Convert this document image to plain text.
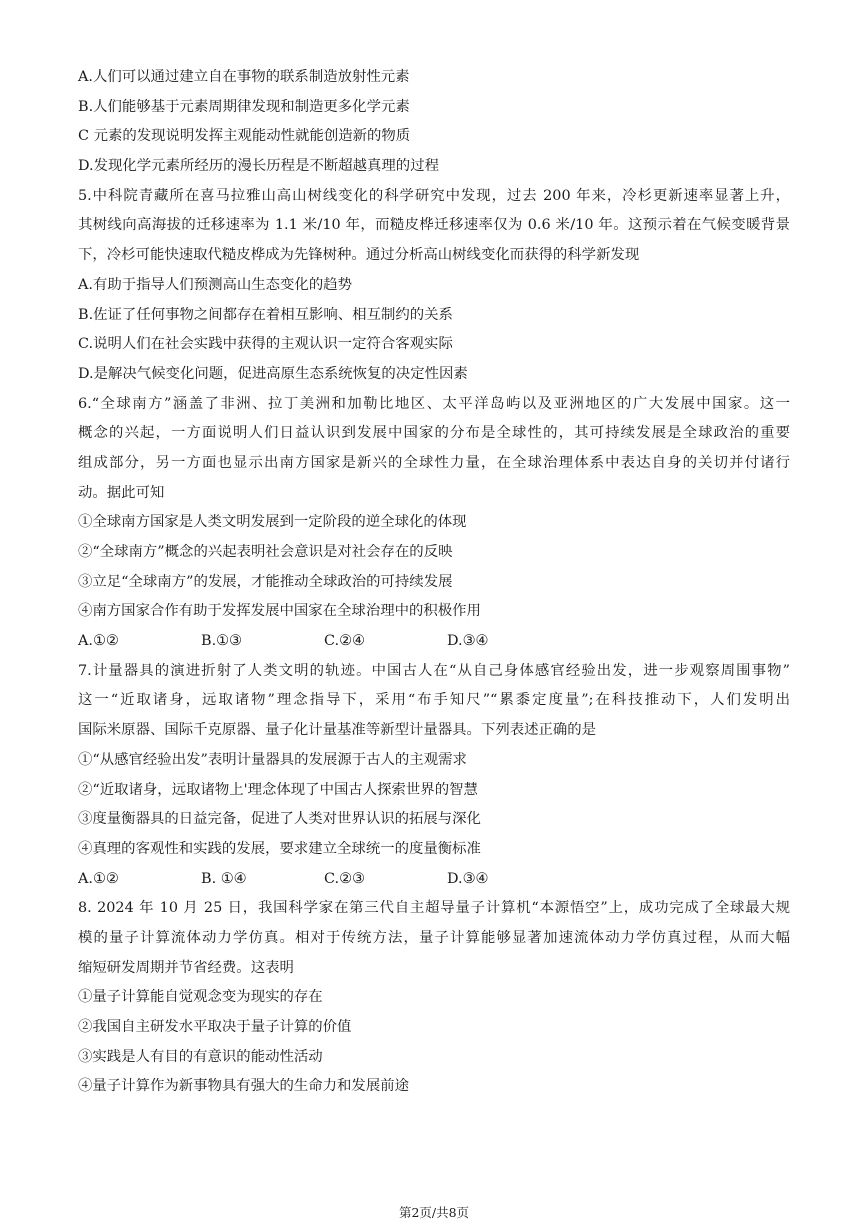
A.人们可以通过建立自在事物的联系制造放射性元素
B.人们能够基于元素周期律发现和制造更多化学元素
C 元素的发现说明发挥主观能动性就能创造新的物质
D.发现化学元素所经历的漫长历程是不断超越真理的过程
5.中科院青藏所在喜马拉雅山高山树线变化的科学研究中发现，过去 200 年来，冷杉更新速率显著上升，
其树线向高海拔的迁移速率为 1.1 米/10 年，而糙皮桦迁移速率仅为 0.6 米/10 年。这预示着在气候变暖背景
下，冷杉可能快速取代糙皮桦成为先锋树种。通过分析高山树线变化而获得的科学新发现
A.有助于指导人们预测高山生态变化的趋势
B.佐证了任何事物之间都存在着相互影响、相互制约的关系
C.说明人们在社会实践中获得的主观认识一定符合客观实际
D.是解决气候变化问题，促进高原生态系统恢复的决定性因素
6.“全球南方”涵盖了非洲、拉丁美洲和加勒比地区、太平洋岛屿以及亚洲地区的广大发展中国家。这一
概念的兴起，一方面说明人们日益认识到发展中国家的分布是全球性的，其可持续发展是全球政治的重要
组成部分，另一方面也显示出南方国家是新兴的全球性力量，在全球治理体系中表达自身的关切并付诸行
动。据此可知
①全球南方国家是人类文明发展到一定阶段的逆全球化的体现
②“全球南方”概念的兴起表明社会意识是对社会存在的反映
③立足“全球南方”的发展，才能推动全球政治的可持续发展
④南方国家合作有助于发挥发展中国家在全球治理中的积极作用
A.①②	B.①③	C.②④	D.③④
7.计量器具的演进折射了人类文明的轨迹。中国古人在“从自己身体感官经验出发，进一步观察周围事物”
这一“近取诸身，远取诸物”理念指导下，采用“布手知尺”“累黍定度量”;在科技推动下，人们发明出
国际米原器、国际千克原器、量子化计量基准等新型计量器具。下列表述正确的是
①“从感官经验出发”表明计量器具的发展源于古人的主观需求
②“近取诸身，远取诸物上'理念体现了中国古人探索世界的智慧
③度量衡器具的日益完备，促进了人类对世界认识的拓展与深化
④真理的客观性和实践的发展，要求建立全球统一的度量衡标准
A.①②	B. ①④	C.②③	D.③④
8. 2024 年 10 月 25 日，我国科学家在第三代自主超导量子计算机“本源悟空”上，成功完成了全球最大规
模的量子计算流体动力学仿真。相对于传统方法，量子计算能够显著加速流体动力学仿真过程，从而大幅
缩短研发周期并节省经费。这表明
①量子计算能自觉观念变为现实的存在
②我国自主研发水平取决于量子计算的价值
③实践是人有目的有意识的能动性活动
④量子计算作为新事物具有强大的生命力和发展前途
第2页/共8页
